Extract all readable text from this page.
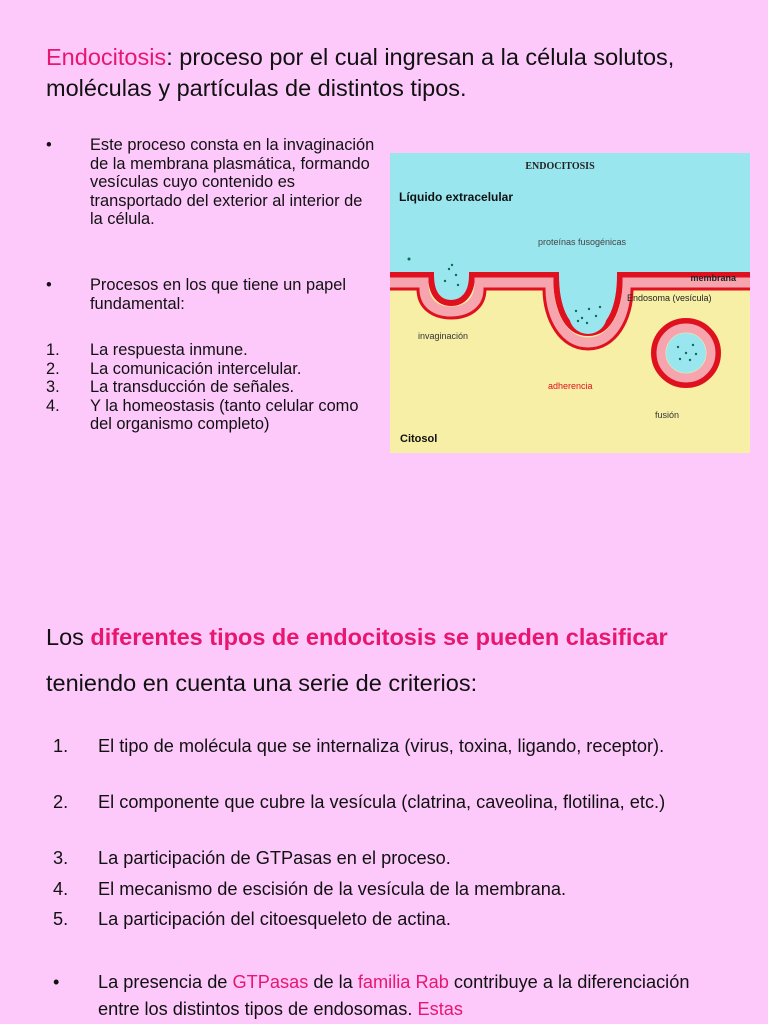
Endocitosis: proceso por el cual ingresan a la célula solutos, moléculas y partículas de distintos tipos.
• Este proceso consta en la invaginación de la membrana plasmática, formando vesículas cuyo contenido es transportado del exterior al interior de la célula.
• Procesos en los que tiene un papel fundamental:
1. La respuesta inmune.
2. La comunicación intercelular.
3. La transducción de señales.
4. Y la homeostasis (tanto celular como del organismo completo)
ENDOCITOSIS
Líquido extracelular
proteínas fusogénicas
membrana
Endosoma (vesícula)
invaginación
adherencia
fusión
Citosol
Los diferentes tipos de endocitosis se pueden clasificar teniendo en cuenta una serie de criterios:
1. El tipo de molécula que se internaliza (virus, toxina, ligando, receptor).
2. El componente que cubre la vesícula (clatrina, caveolina, flotilina, etc.)
3. La participación de GTPasas en el proceso.
4. El mecanismo de escisión de la vesícula de la membrana.
5. La participación del citoesqueleto de actina.
• La presencia de GTPasas de la familia Rab contribuye a la diferenciación entre los distintos tipos de endosomas. Estas
